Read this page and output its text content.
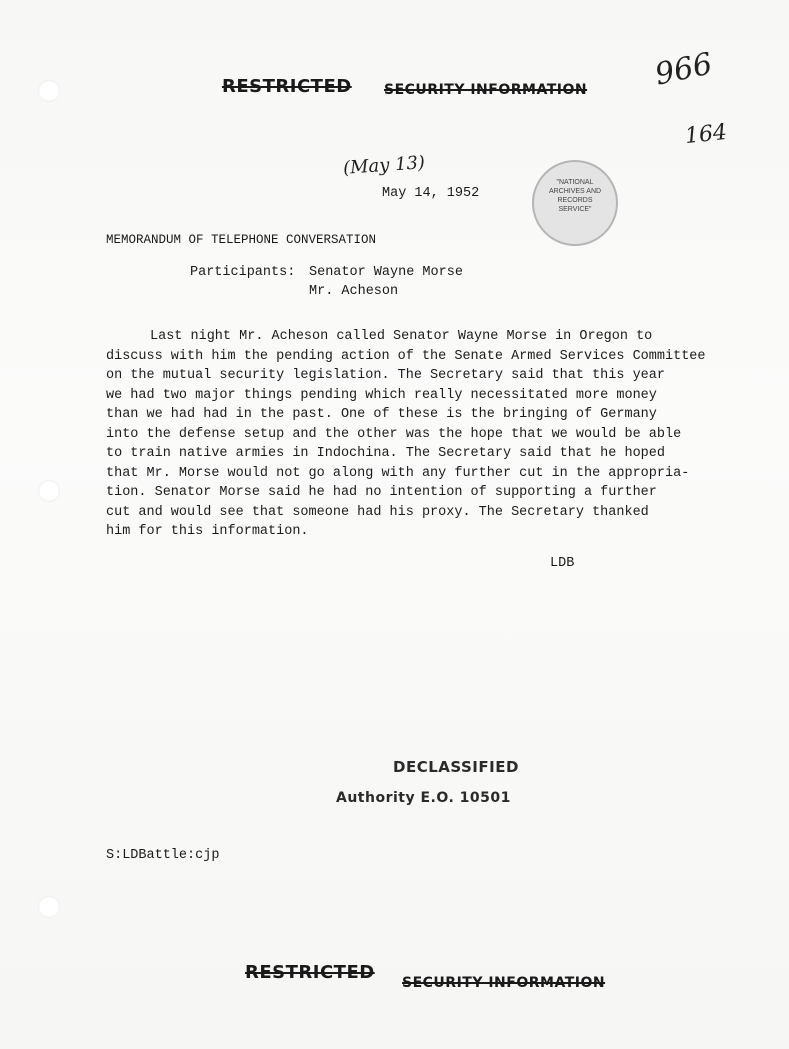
RESTRICTED SECURITY INFORMATION 966
164
(May 13)
May 14, 1952
"NATIONAL ARCHIVES AND RECORDS SERVICE"
MEMORANDUM OF TELEPHONE CONVERSATION
Participants: Senator Wayne Morse
Mr. Acheson
Last night Mr. Acheson called Senator Wayne Morse in Oregon to
discuss with him the pending action of the Senate Armed Services Committee
on the mutual security legislation. The Secretary said that this year
we had two major things pending which really necessitated more money
than we had had in the past. One of these is the bringing of Germany
into the defense setup and the other was the hope that we would be able
to train native armies in Indochina. The Secretary said that he hoped
that Mr. Morse would not go along with any further cut in the appropria-
tion. Senator Morse said he had no intention of supporting a further
cut and would see that someone had his proxy. The Secretary thanked
him for this information.
LDB
DECLASSIFIED
Authority E.O. 10501
S:LDBattle:cjp
RESTRICTED SECURITY INFORMATION
